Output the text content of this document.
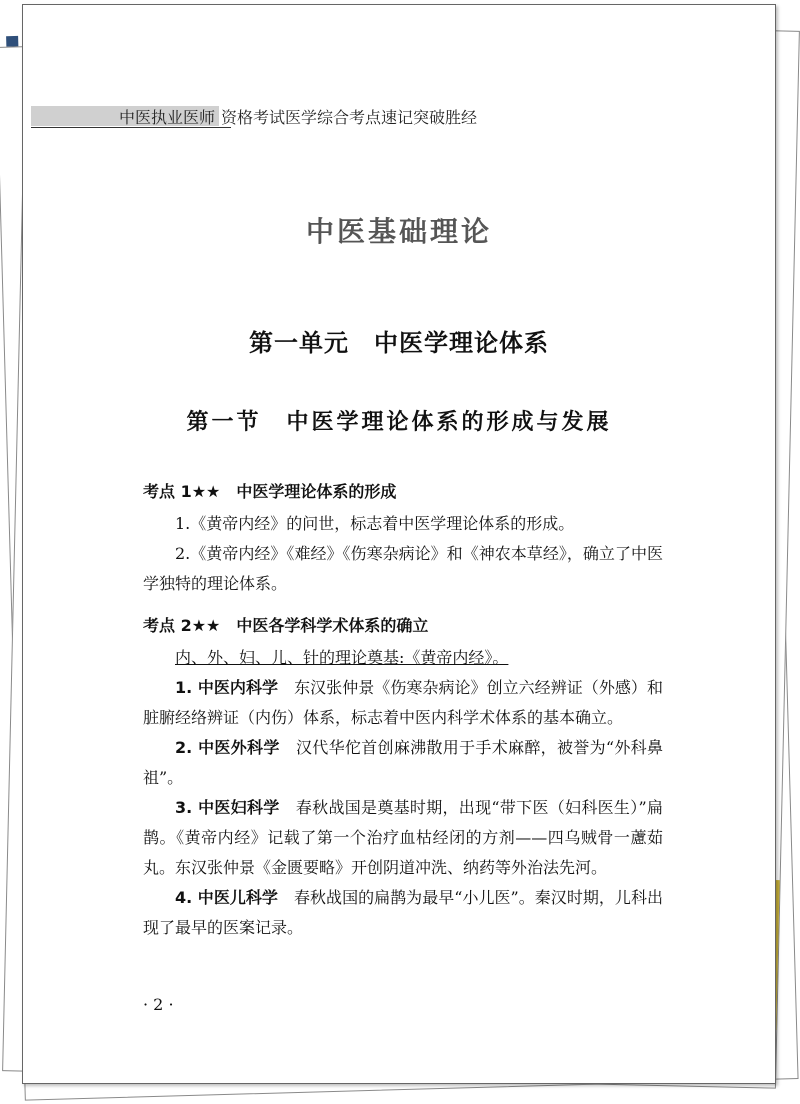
中医执业医师 资格考试医学综合考点速记突破胜经
中医基础理论
第一单元　中医学理论体系
第一节　中医学理论体系的形成与发展
考点 1★★　中医学理论体系的形成

1.《黄帝内经》的问世，标志着中医学理论体系的形成。

2.《黄帝内经》《难经》《伤寒杂病论》和《神农本草经》，确立了中医学独特的理论体系。

考点 2★★　中医各学科学术体系的确立

内、外、妇、儿、针的理论奠基:《黄帝内经》。

1. 中医内科学　东汉张仲景《伤寒杂病论》创立六经辨证（外感）和脏腑经络辨证（内伤）体系，标志着中医内科学术体系的基本确立。

2. 中医外科学　汉代华佗首创麻沸散用于手术麻醉，被誉为“外科鼻祖”。

3. 中医妇科学　春秋战国是奠基时期，出现“带下医（妇科医生）”扁鹊。《黄帝内经》记载了第一个治疗血枯经闭的方剂——四乌贼骨一藘茹丸。东汉张仲景《金匮要略》开创阴道冲洗、纳药等外治法先河。

4. 中医儿科学　春秋战国的扁鹊为最早“小儿医”。秦汉时期，儿科出现了最早的医案记录。

· 2 ·
